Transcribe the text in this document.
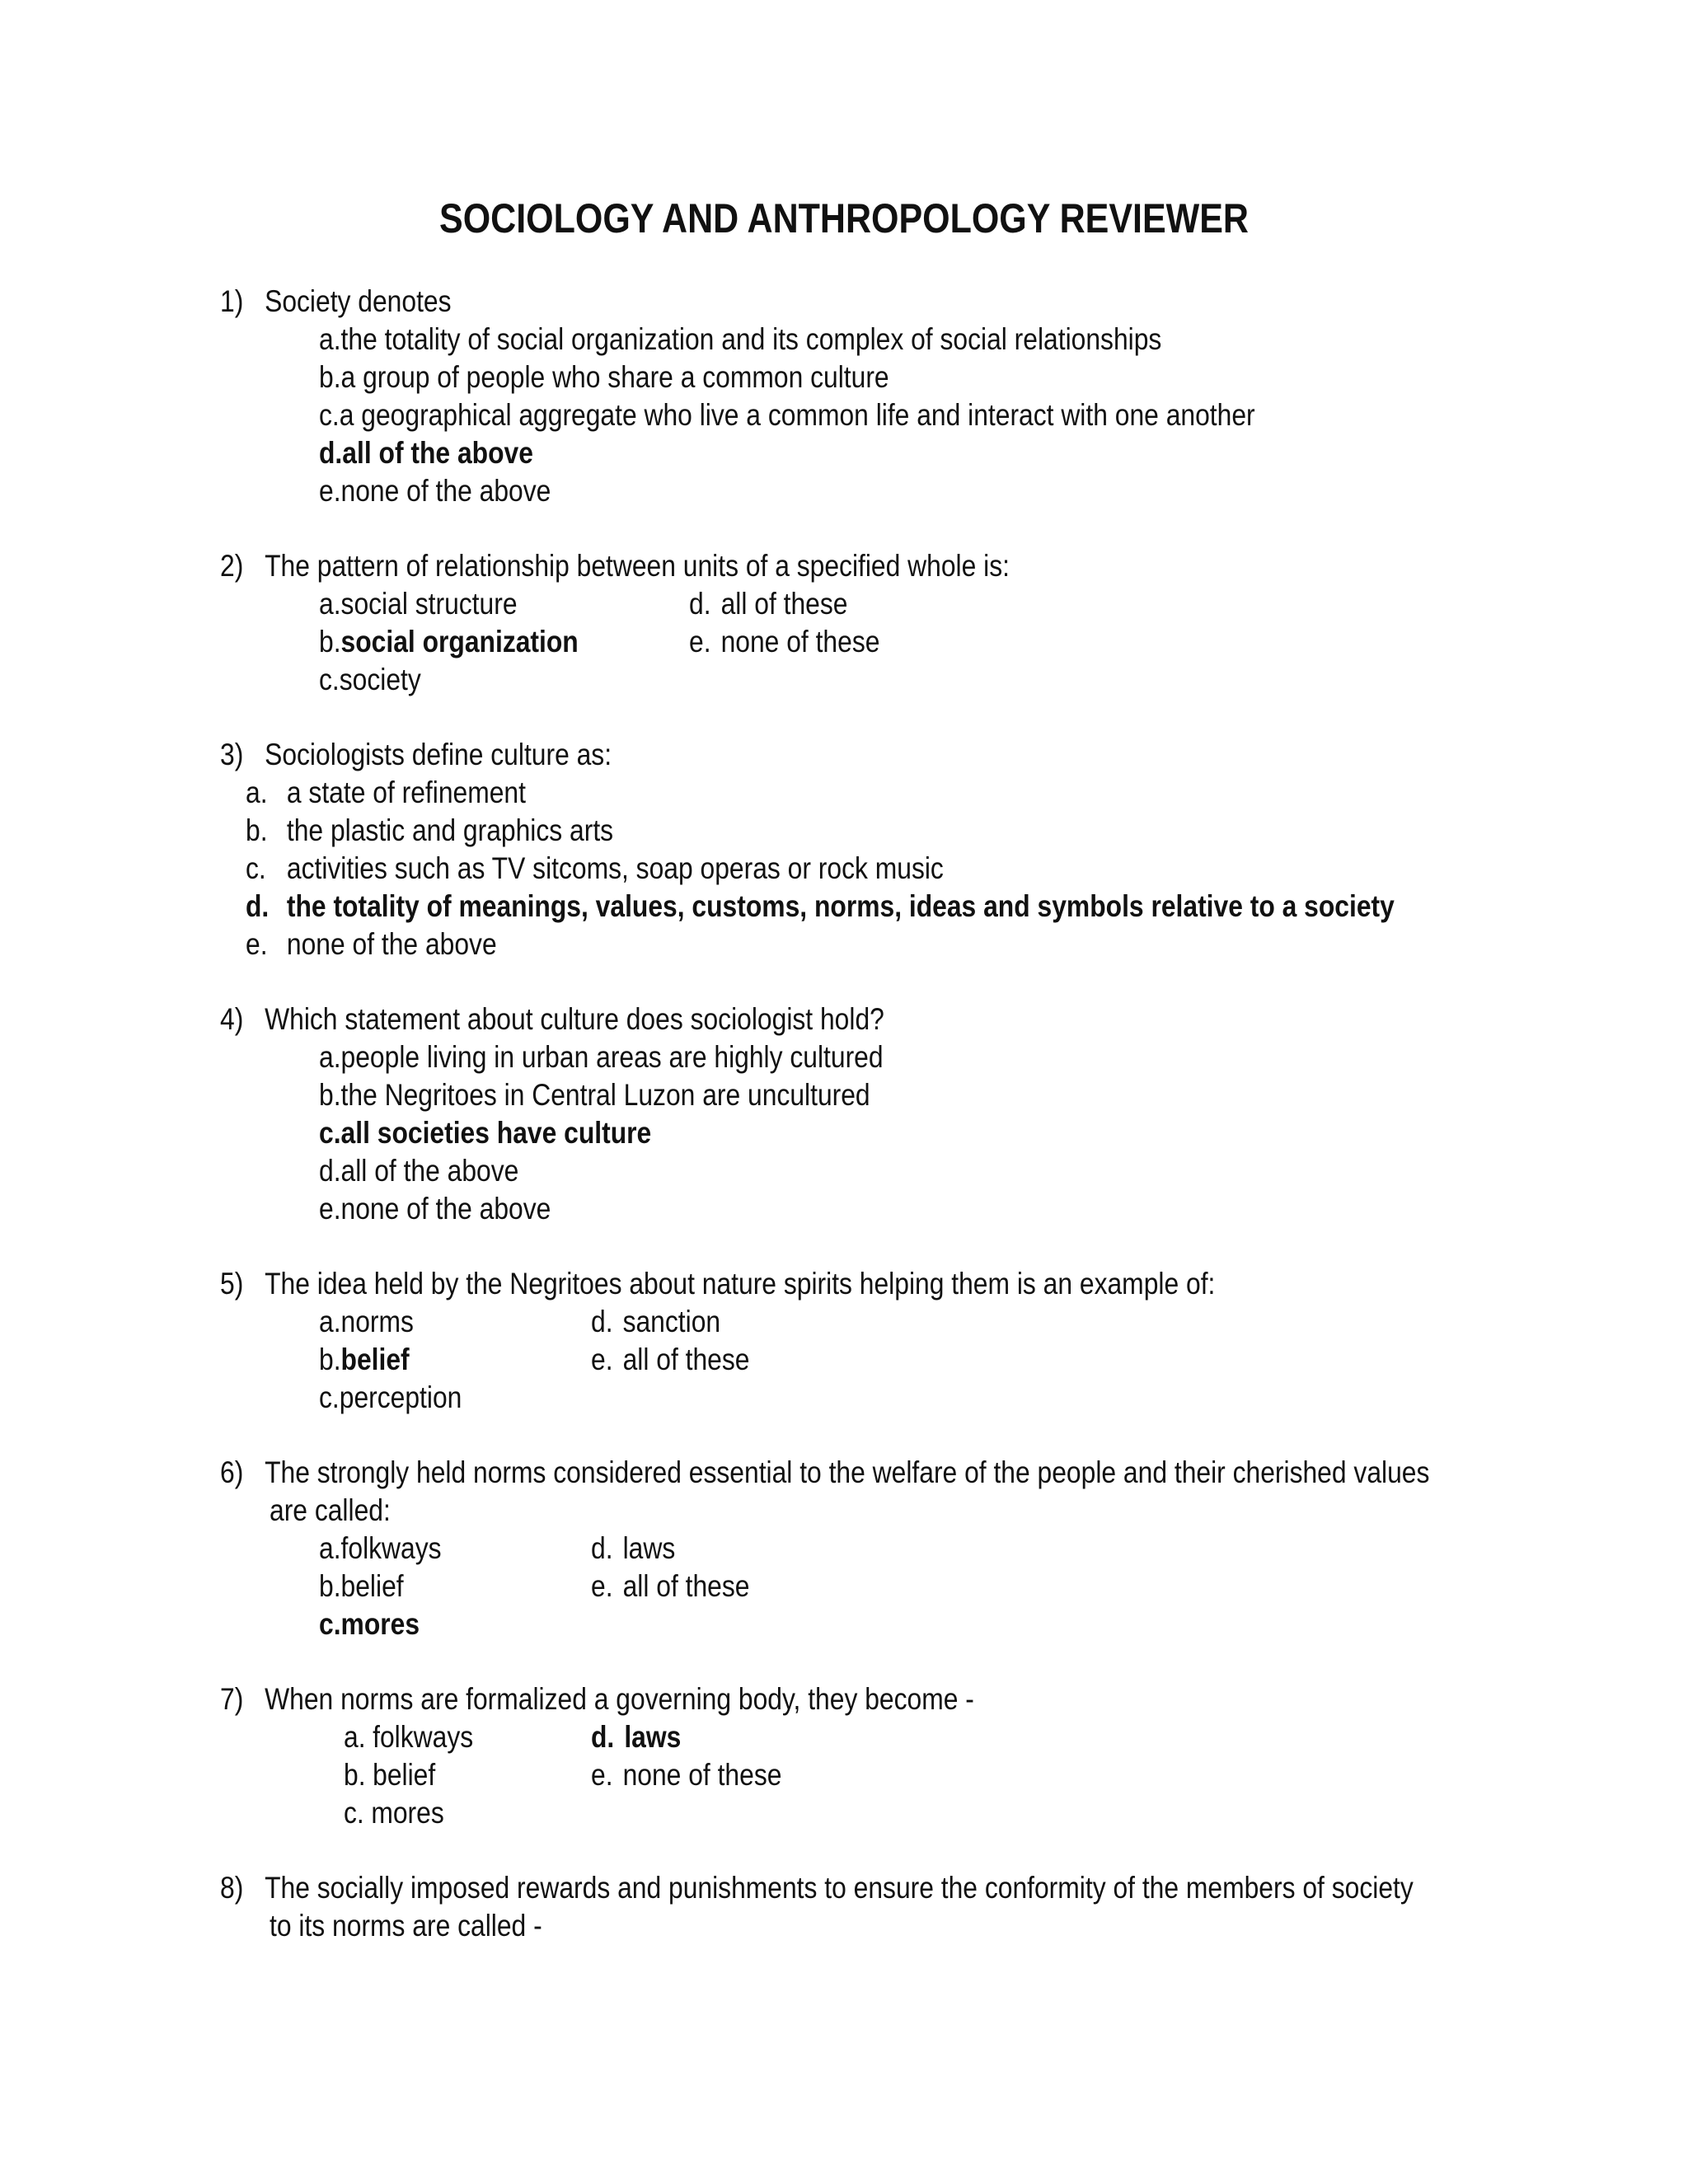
SOCIOLOGY AND ANTHROPOLOGY REVIEWER
1) Society denotes
a.the totality of social organization and its complex of social relationships
b.a group of people who share a common culture
c.a geographical aggregate who live a common life and interact with one another
d.all of the above
e.none of the above
2) The pattern of relationship between units of a specified whole is:
a.social structure
b.social organization
c.society
d. all of these
e. none of these
3) Sociologists define culture as:
a. a state of refinement
b. the plastic and graphics arts
c. activities such as TV sitcoms, soap operas or rock music
d. the totality of meanings, values, customs, norms, ideas and symbols relative to a society
e. none of the above
4) Which statement about culture does sociologist hold?
a.people living in urban areas are highly cultured
b.the Negritoes in Central Luzon are uncultured
c.all societies have culture
d.all of the above
e.none of the above
5) The idea held by the Negritoes about nature spirits helping them is an example of:
a.norms
b.belief
c.perception
d. sanction
e. all of these
6) The strongly held norms considered essential to the welfare of the people and their cherished values
are called:
a.folkways
b.belief
c.mores
d. laws
e. all of these
7) When norms are formalized a governing body, they become -
a. folkways
b. belief
c. mores
d. laws
e. none of these
8) The socially imposed rewards and punishments to ensure the conformity of the members of society
to its norms are called -
